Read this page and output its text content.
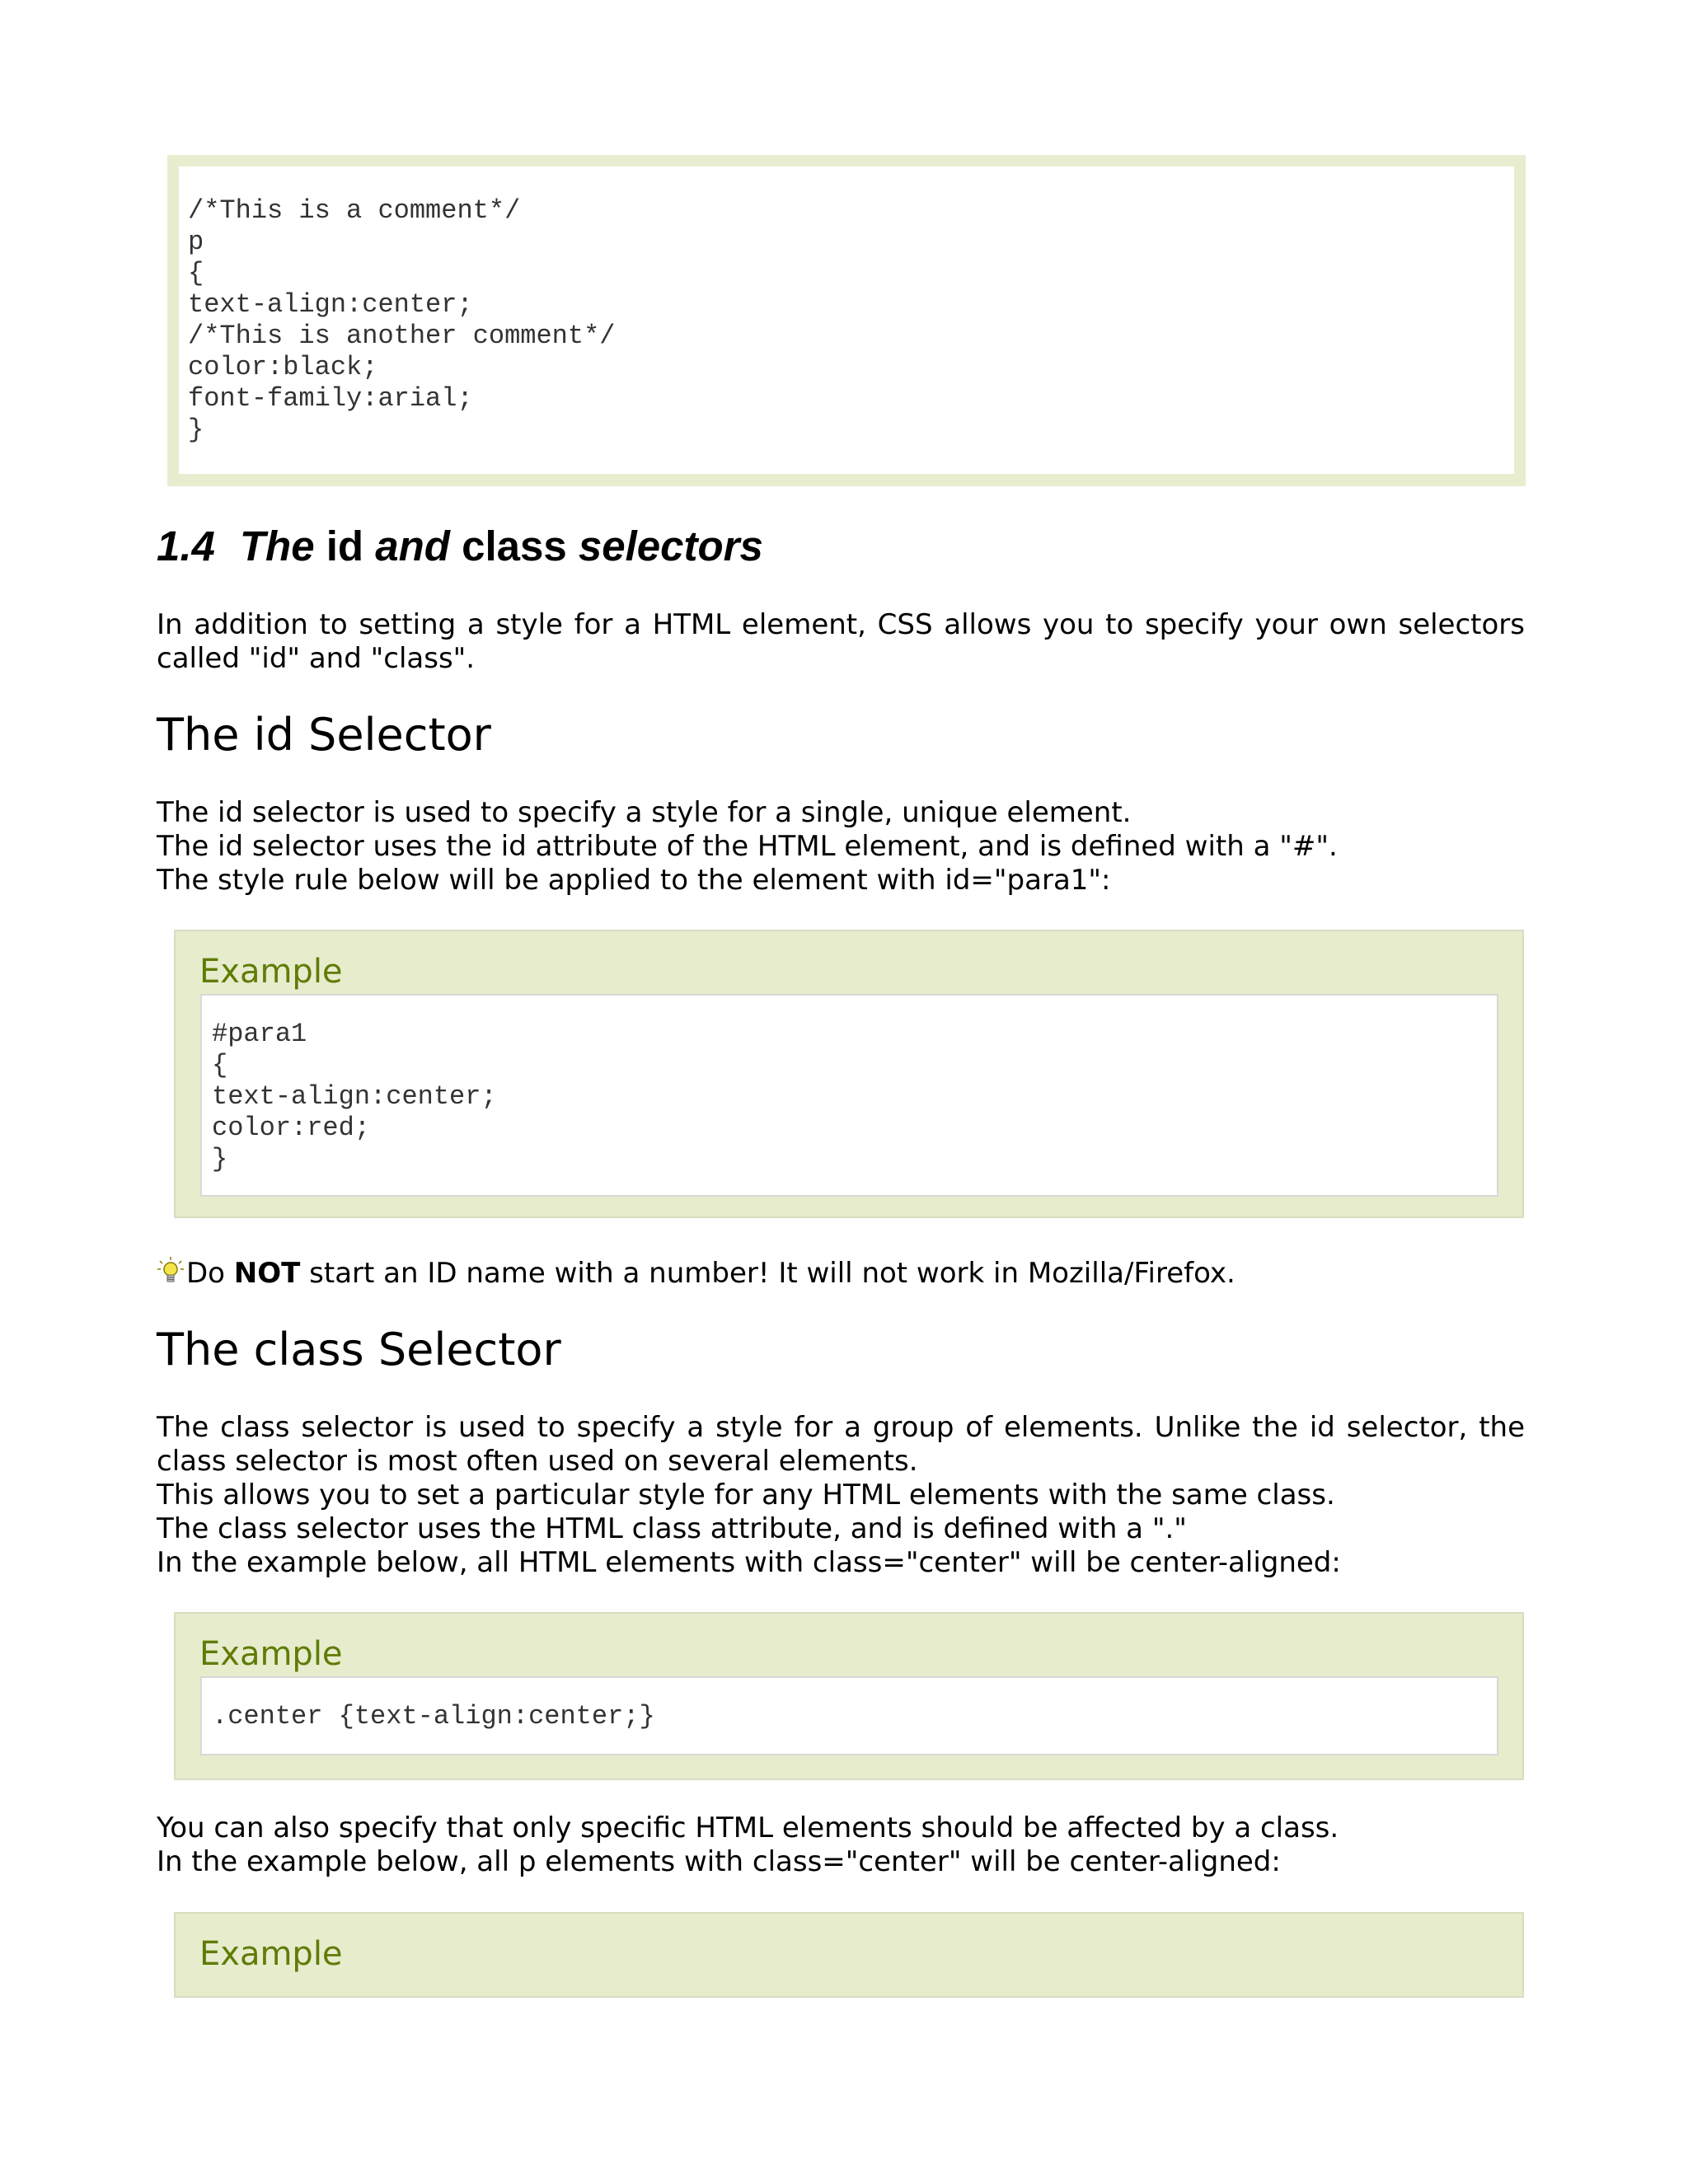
/*This is a comment*/
p
{
text-align:center;
/*This is another comment*/
color:black;
font-family:arial;
}
1.4 The id and class selectors

In addition to setting a style for a HTML element, CSS allows you to specify your own selectors called "id" and "class".

The id Selector
The id selector is used to specify a style for a single, unique element.
The id selector uses the id attribute of the HTML element, and is defined with a "#".
The style rule below will be applied to the element with id="para1":
Example
#para1
{
text-align:center;
color:red;
}

Do NOT start an ID name with a number! It will not work in Mozilla/Firefox.

The class Selector
The class selector is used to specify a style for a group of elements. Unlike the id selector, the class selector is most often used on several elements.
This allows you to set a particular style for any HTML elements with the same class.
The class selector uses the HTML class attribute, and is defined with a "."
In the example below, all HTML elements with class="center" will be center-aligned:
Example
.center {text-align:center;}
You can also specify that only specific HTML elements should be affected by a class.
In the example below, all p elements with class="center" will be center-aligned:
Example
